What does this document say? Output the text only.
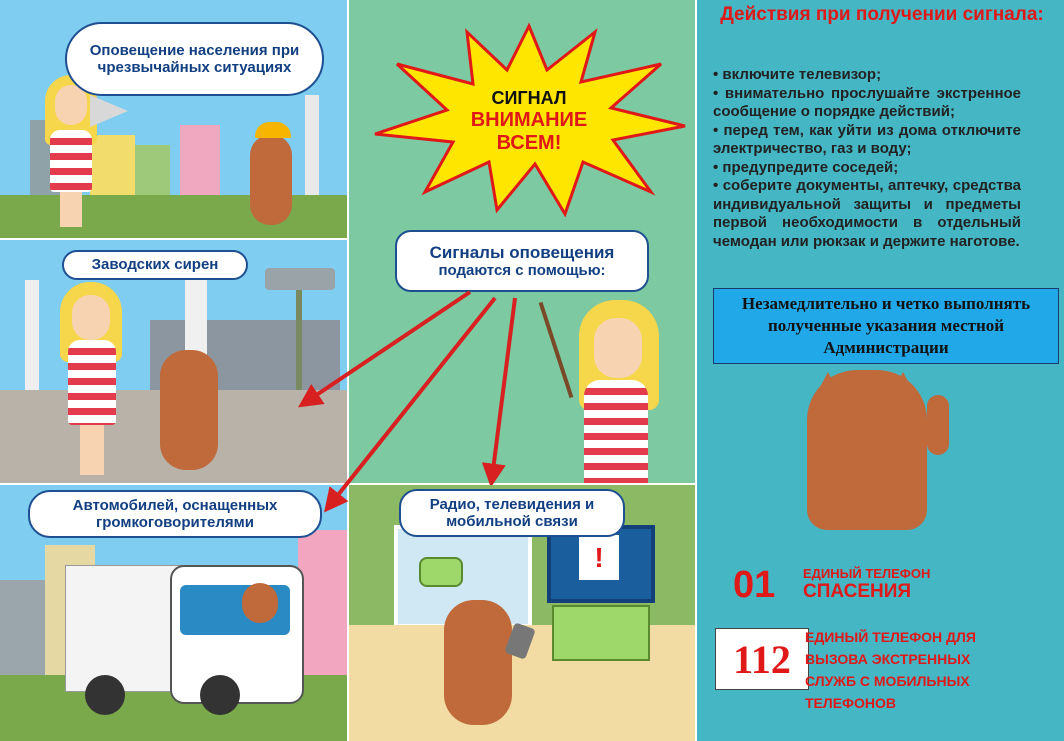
Оповещение населения при чрезвычайных ситуациях
Заводских сирен
Автомобилей, оснащенных громкоговорителями
СИГНАЛ
ВНИМАНИЕ
ВСЕМ!
Сигналы оповещения
подаются с помощью:
!
Радио, телевидения и мобильной связи
Действия при получении сигнала:
• включите телевизор;
• внимательно прослушайте экстренное сообщение о порядке действий;
• перед тем, как уйти из дома отключите электричество, газ и воду;
• предупредите соседей;
• соберите документы, аптечку, средства индивидуальной защиты и предметы первой необходимости в отдельный чемодан или рюкзак и держите наготове.
Незамедлительно и четко выполнять полученные указания местной Администрации
01 ЕДИНЫЙ ТЕЛЕФОН
СПАСЕНИЯ
112	ЕДИНЫЙ ТЕЛЕФОН ДЛЯ ВЫЗОВА ЭКСТРЕННЫХ СЛУЖБ С МОБИЛЬНЫХ ТЕЛЕФОНОВ
